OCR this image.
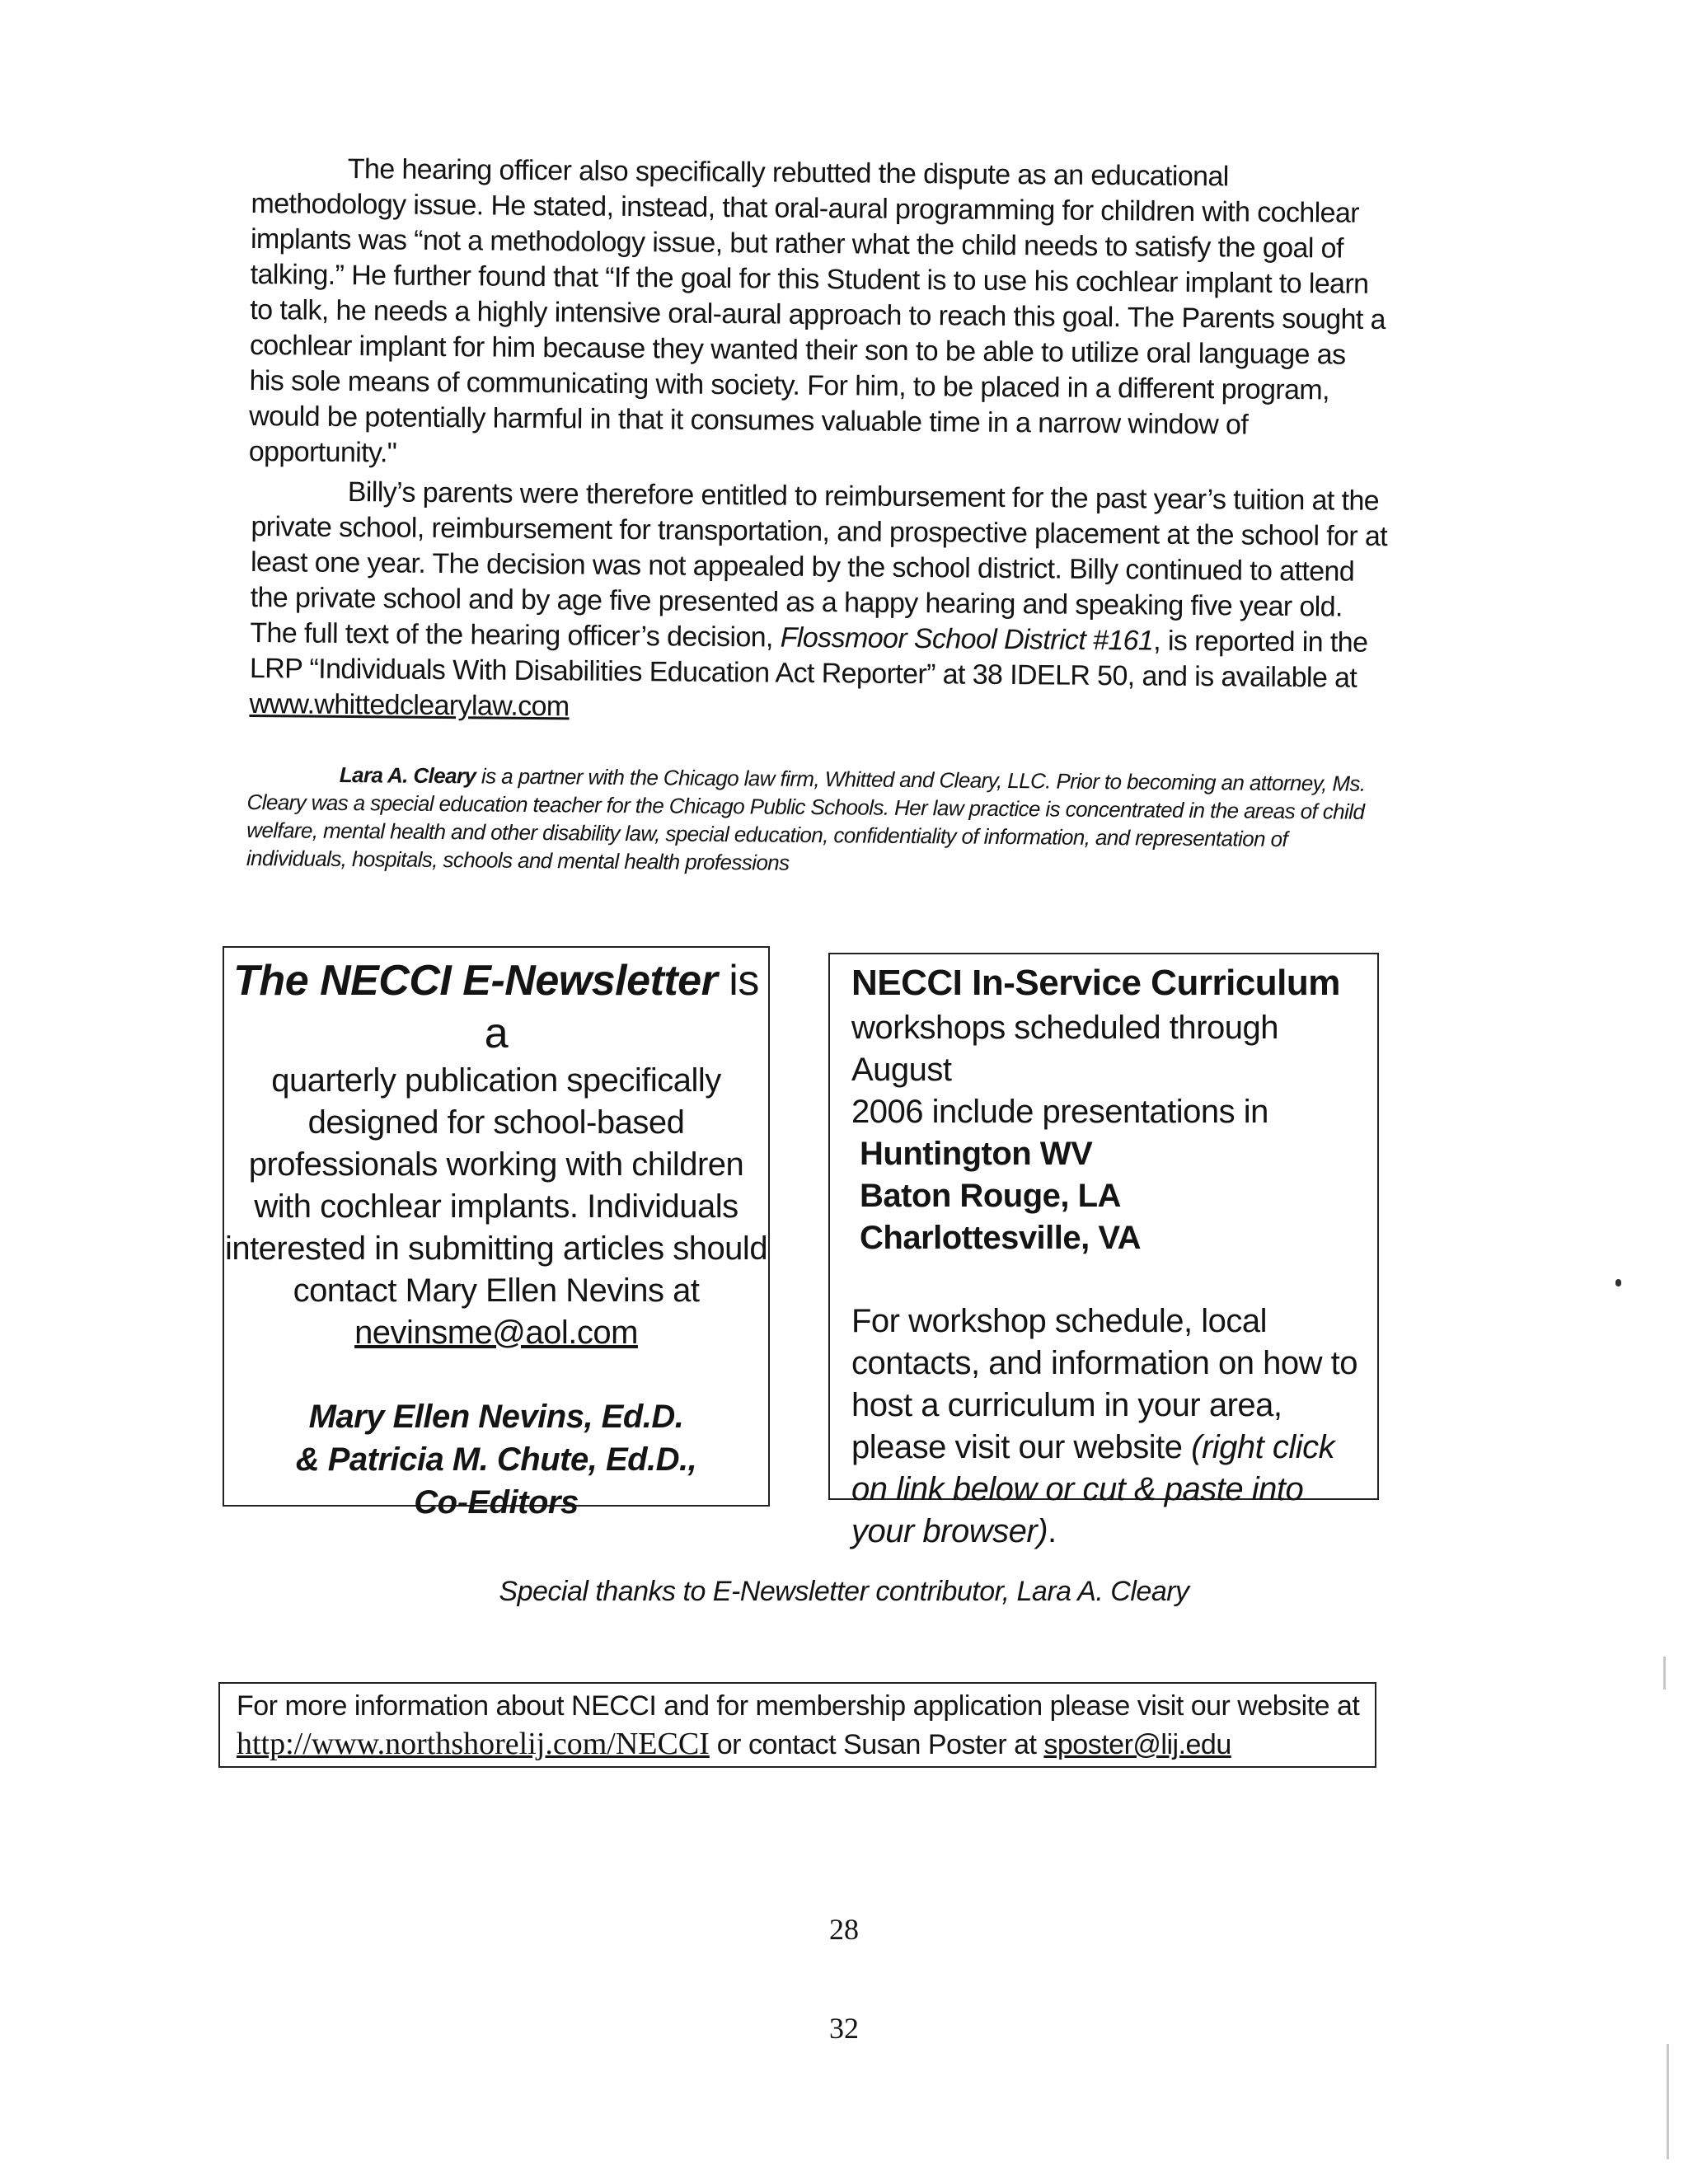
The hearing officer also specifically rebutted the dispute as an educational methodology issue. He stated, instead, that oral-aural programming for children with cochlear implants was “not a methodology issue, but rather what the child needs to satisfy the goal of talking.” He further found that “If the goal for this Student is to use his cochlear implant to learn to talk, he needs a highly intensive oral-aural approach to reach this goal. The Parents sought a cochlear implant for him because they wanted their son to be able to utilize oral language as his sole means of communicating with society. For him, to be placed in a different program, would be potentially harmful in that it consumes valuable time in a narrow window of opportunity."

Billy’s parents were therefore entitled to reimbursement for the past year’s tuition at the private school, reimbursement for transportation, and prospective placement at the school for at least one year. The decision was not appealed by the school district. Billy continued to attend the private school and by age five presented as a happy hearing and speaking five year old. The full text of the hearing officer’s decision, Flossmoor School District #161, is reported in the LRP “Individuals With Disabilities Education Act Reporter” at 38 IDELR 50, and is available at www.whittedclearylaw.com

Lara A. Cleary is a partner with the Chicago law firm, Whitted and Cleary, LLC. Prior to becoming an attorney, Ms. Cleary was a special education teacher for the Chicago Public Schools. Her law practice is concentrated in the areas of child welfare, mental health and other disability law, special education, confidentiality of information, and representation of individuals, hospitals, schools and mental health professions

The NECCI E-Newsletter is a
quarterly publication specifically
designed for school-based
professionals working with children
with cochlear implants. Individuals
interested in submitting articles should
contact Mary Ellen Nevins at
nevinsme@aol.com
Mary Ellen Nevins, Ed.D.
& Patricia M. Chute, Ed.D.,
Co-Editors
NECCI In-Service Curriculum
workshops scheduled through August
2006 include presentations in
Huntington WV
Baton Rouge, LA
Charlottesville, VA
For workshop schedule, local contacts, and information on how to host a curriculum in your area, please visit our website (right click on link below or cut & paste into your browser).
Special thanks to E-Newsletter contributor, Lara A. Cleary
For more information about NECCI and for membership application please visit our website at
http://www.northshorelij.com/NECCI or contact Susan Poster at sposter@lij.edu
28
32
